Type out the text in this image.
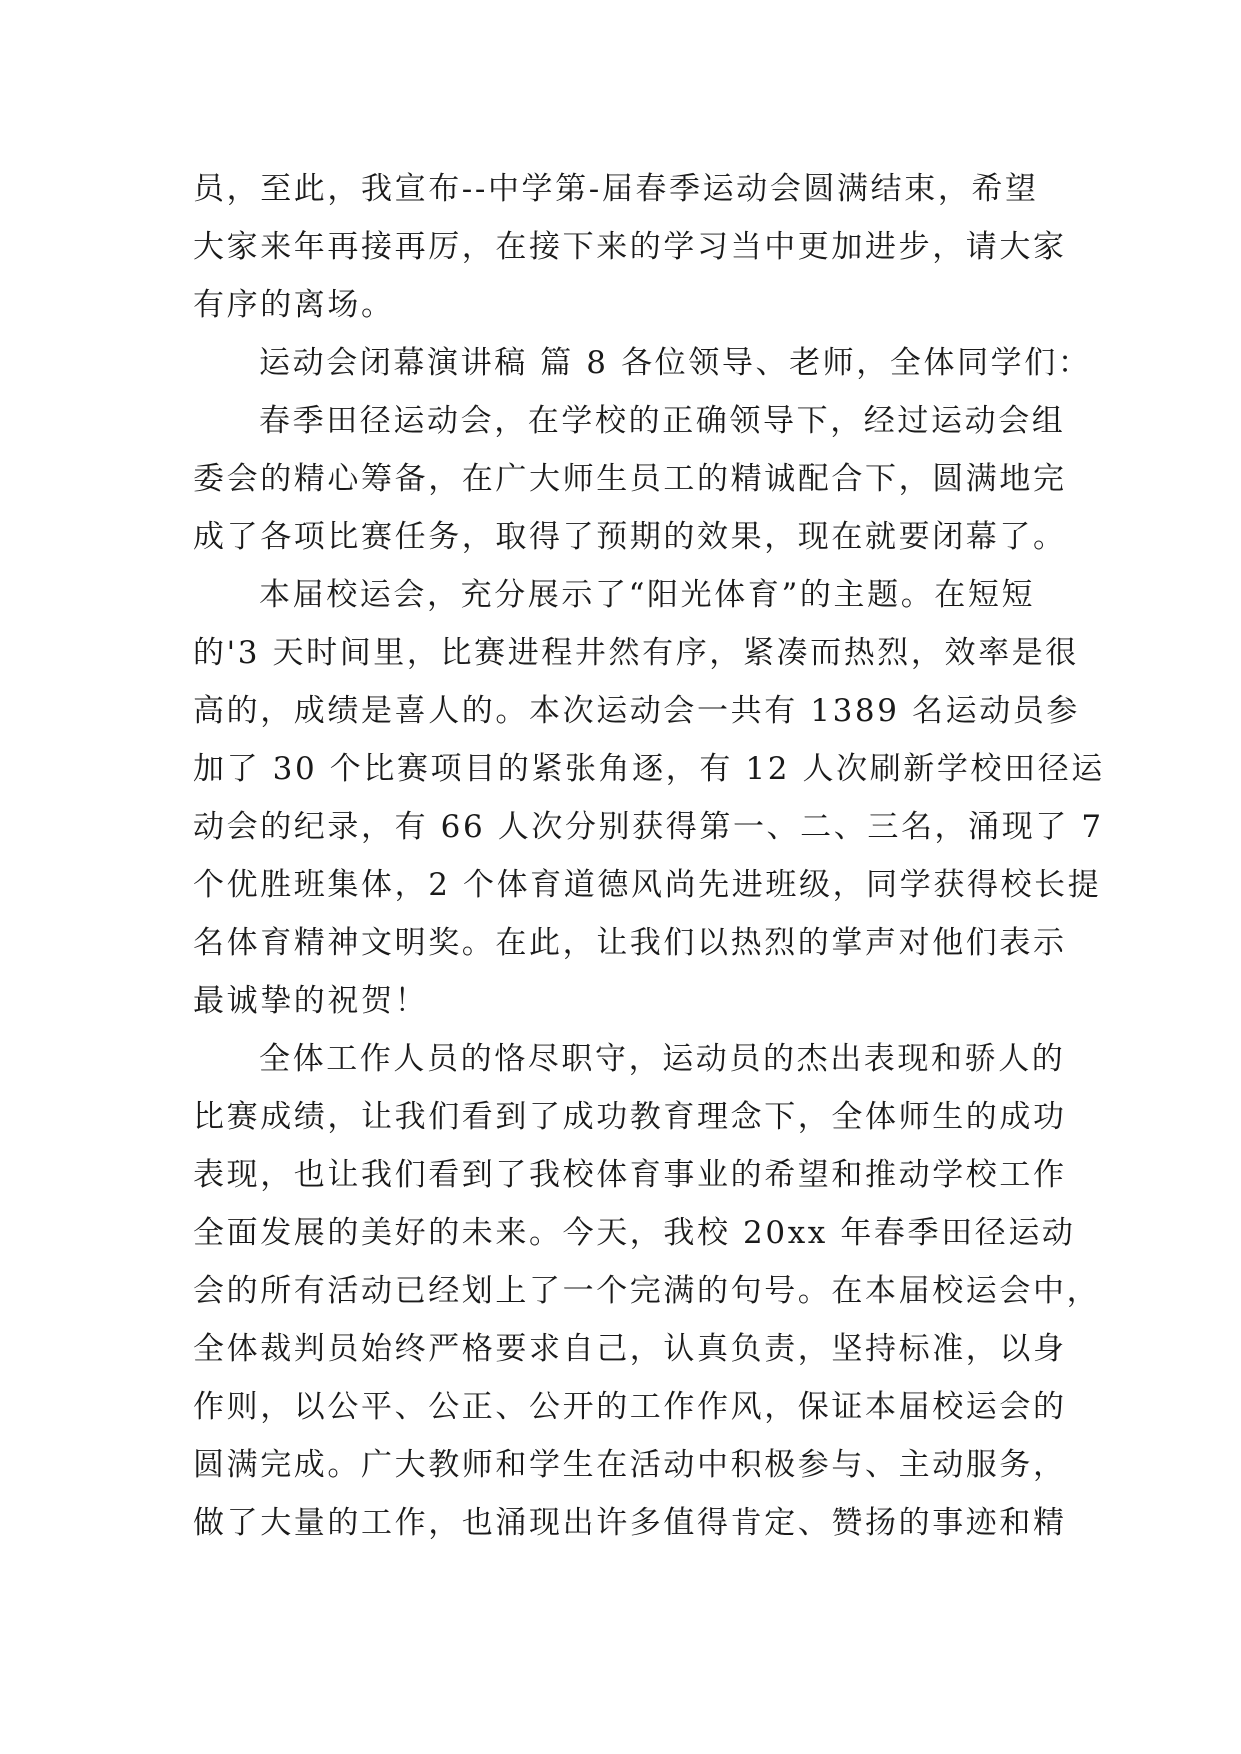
员，至此，我宣布--中学第-届春季运动会圆满结束，希望
大家来年再接再厉，在接下来的学习当中更加进步，请大家
有序的离场。
运动会闭幕演讲稿 篇 8 各位领导、老师，全体同学们：
春季田径运动会，在学校的正确领导下，经过运动会组
委会的精心筹备，在广大师生员工的精诚配合下，圆满地完
成了各项比赛任务，取得了预期的效果，现在就要闭幕了。
本届校运会，充分展示了“阳光体育”的主题。在短短
的'3 天时间里，比赛进程井然有序，紧凑而热烈，效率是很
高的，成绩是喜人的。本次运动会一共有 1389 名运动员参
加了 30 个比赛项目的紧张角逐，有 12 人次刷新学校田径运
动会的纪录，有 66 人次分别获得第一、二、三名，涌现了 7
个优胜班集体，2 个体育道德风尚先进班级，同学获得校长提
名体育精神文明奖。在此，让我们以热烈的掌声对他们表示
最诚挚的祝贺！
全体工作人员的恪尽职守，运动员的杰出表现和骄人的
比赛成绩，让我们看到了成功教育理念下，全体师生的成功
表现，也让我们看到了我校体育事业的希望和推动学校工作
全面发展的美好的未来。今天，我校 20xx 年春季田径运动
会的所有活动已经划上了一个完满的句号。在本届校运会中，
全体裁判员始终严格要求自己，认真负责，坚持标准，以身
作则，以公平、公正、公开的工作作风，保证本届校运会的
圆满完成。广大教师和学生在活动中积极参与、主动服务，
做了大量的工作，也涌现出许多值得肯定、赞扬的事迹和精
